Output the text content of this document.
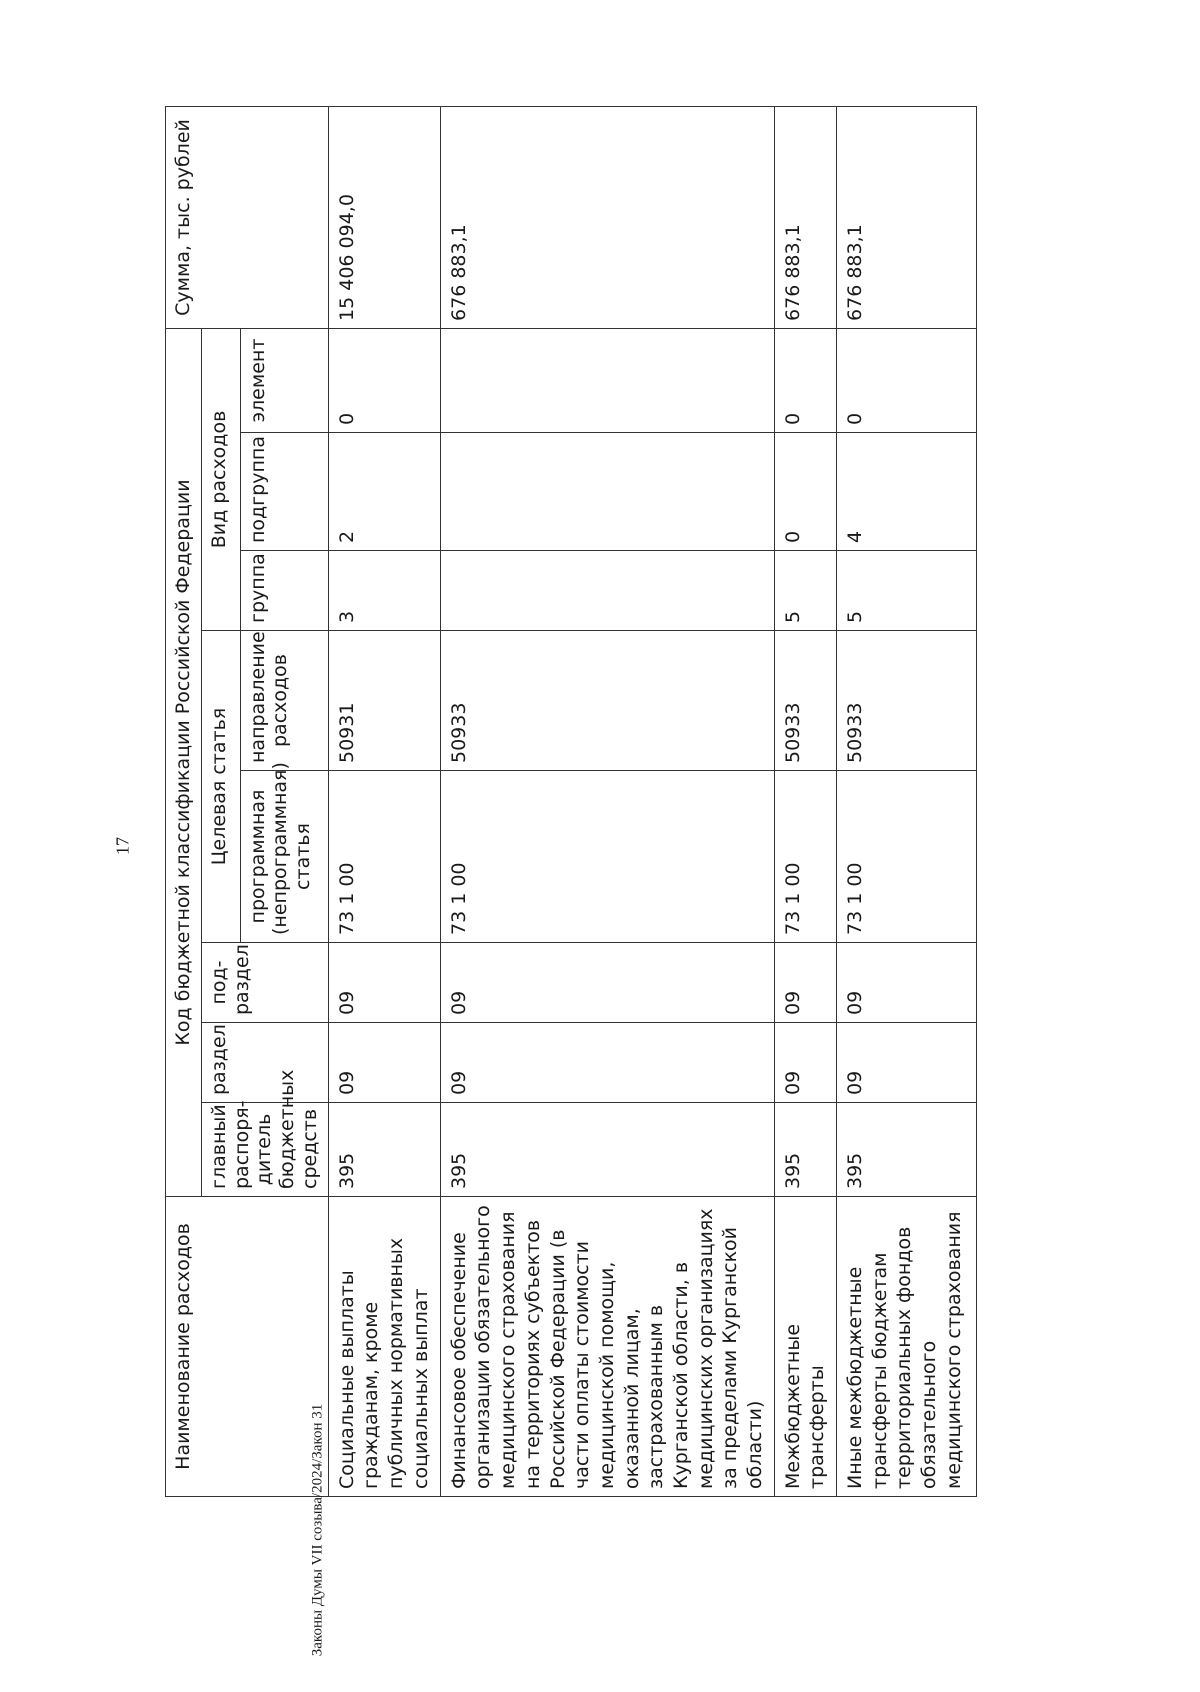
17
Наименование расходов	Код бюджетной классификации Российской Федерации								Сумма, тыс. рублей
	главный распоря-дитель бюджетных средств	раздел	под-раздел	Целевая статья		Вид расходов			
				программная (непрограммная) статья	направление расходов	группа	подгруппа	элемент	
Социальные выплаты гражданам, кроме публичных нормативных социальных выплат	395	09	09	73 1 00	50931	3	2	0	15 406 094,0
Финансовое обеспечение организации обязательного медицинского страхования на территориях субъектов Российской Федерации (в части оплаты стоимости медицинской помощи, оказанной лицам, застрахованным в Курганской области, в медицинских организациях за пределами Курганской области)	395	09	09	73 1 00	50933				676 883,1
Межбюджетные трансферты	395	09	09	73 1 00	50933	5	0	0	676 883,1
Иные межбюджетные трансферты бюджетам территориальных фондов обязательного медицинского страхования	395	09	09	73 1 00	50933	5	4	0	676 883,1
Законы Думы VII созыва/2024/Закон 31
